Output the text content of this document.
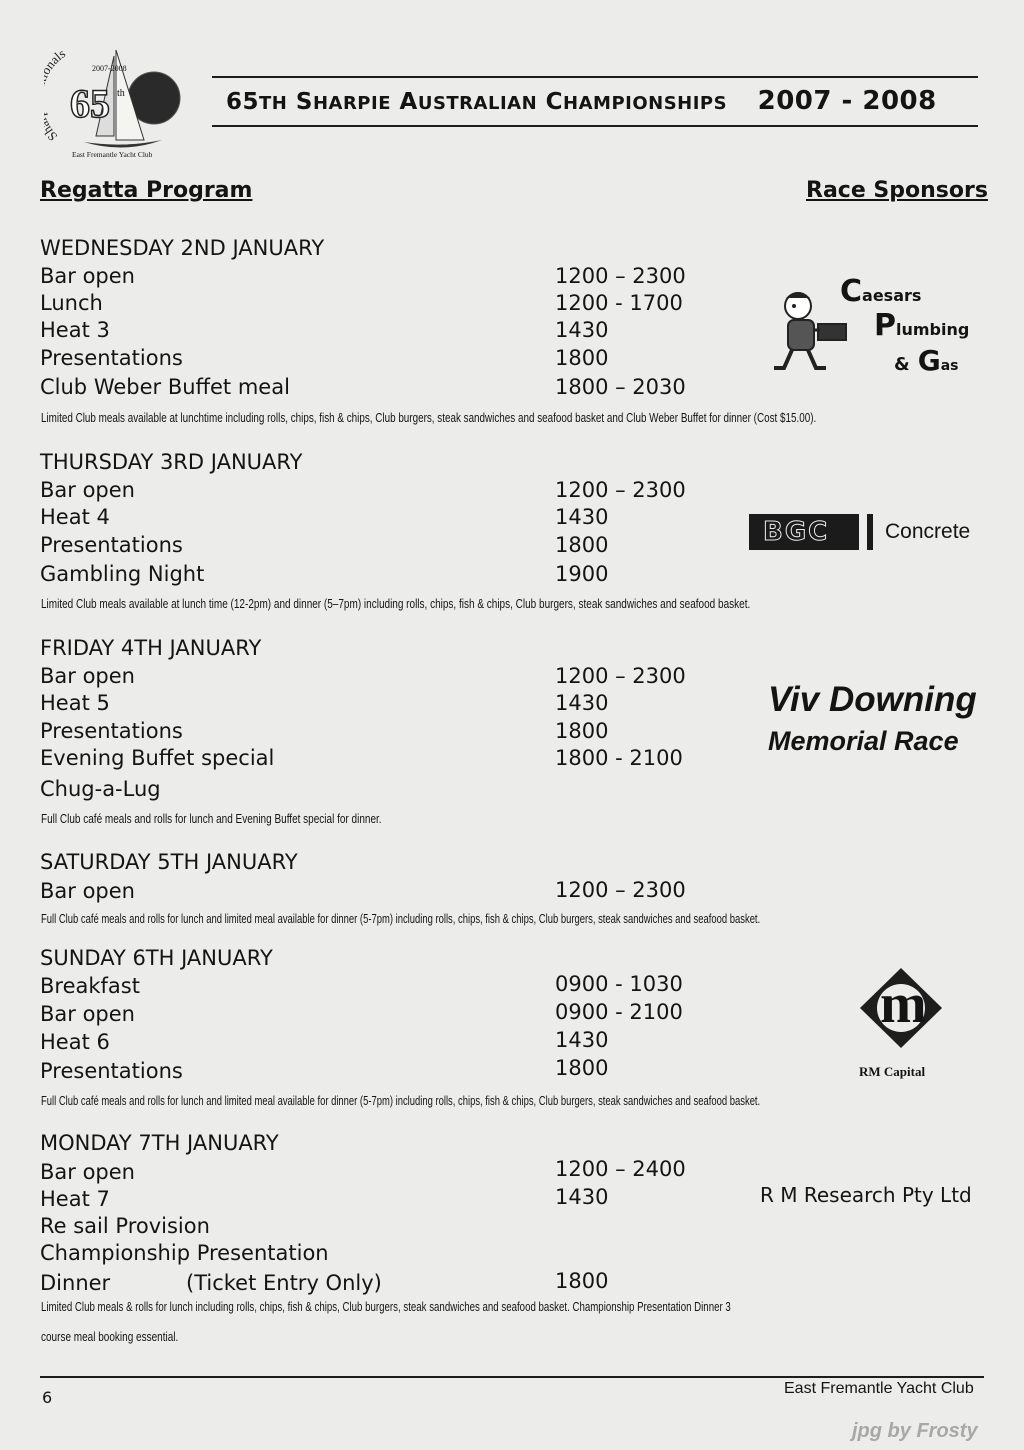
S als
2007-2008
65 th
East Fremantle Yacht Club
65TH SHARPIE AUSTRALIAN CHAMPIONSHIPS 2007 - 2008
Regatta Program	Race Sponsors
WEDNESDAY 2ND JANUARY
Bar open	1200 – 2300
Lunch	1200 - 1700
Heat 3	1430
Presentations	1800
Club Weber Buffet meal	1800 – 2030
Limited Club meals available at lunchtime including rolls, chips, fish & chips, Club burgers, steak sandwiches and seafood basket and Club Weber Buffet for dinner (Cost $15.00).
THURSDAY 3RD JANUARY
Bar open	1200 – 2300
Heat 4	1430
Presentations	1800
Gambling Night	1900
Limited Club meals available at lunch time (12-2pm) and dinner (5–7pm) including rolls, chips, fish & chips, Club burgers, steak sandwiches and seafood basket.
FRIDAY 4TH JANUARY
Bar open	1200 – 2300
Heat 5	1430
Presentations	1800
Evening Buffet special	1800 - 2100
Chug-a-Lug
Full Club café meals and rolls for lunch and Evening Buffet special for dinner.
SATURDAY 5TH JANUARY
Bar open	1200 – 2300
Full Club café meals and rolls for lunch and limited meal available for dinner (5-7pm) including rolls, chips, fish & chips, Club burgers, steak sandwiches and seafood basket.
SUNDAY 6TH JANUARY
Breakfast	0900 - 1030
Bar open	0900 - 2100
Heat 6	1430
Presentations	1800
Full Club café meals and rolls for lunch and limited meal available for dinner (5-7pm) including rolls, chips, fish & chips, Club burgers, steak sandwiches and seafood basket.
MONDAY 7TH JANUARY
Bar open	1200 – 2400
Heat 7	1430
Re sail Provision
Championship Presentation
Dinner	(Ticket Entry Only)	1800
Limited Club meals & rolls for lunch including rolls, chips, fish & chips, Club burgers, steak sandwiches and seafood basket. Championship Presentation Dinner 3
course meal booking essential.
Caesars
Plumbing
& Gas
BGC	Concrete
Viv Downing
Memorial Race
m
RM Capital
R M Research Pty Ltd
6	East Fremantle Yacht Club
jpg by Frosty
